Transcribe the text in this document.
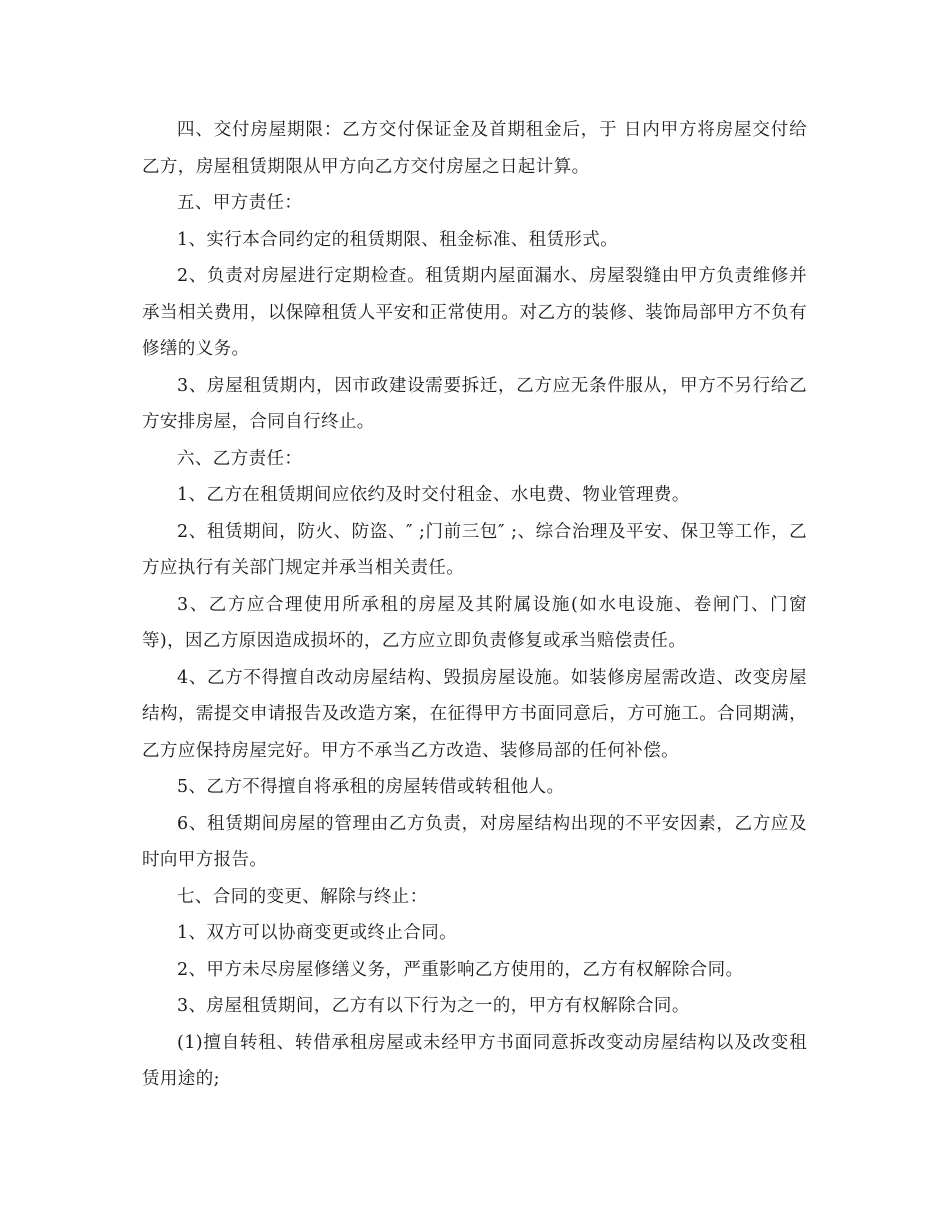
四、交付房屋期限：乙方交付保证金及首期租金后，于 日内甲方将房屋交付给乙方，房屋租赁期限从甲方向乙方交付房屋之日起计算。

五、甲方责任：

1、实行本合同约定的租赁期限、租金标准、租赁形式。

2、负责对房屋进行定期检查。租赁期内屋面漏水、房屋裂缝由甲方负责维修并承当相关费用，以保障租赁人平安和正常使用。对乙方的装修、装饰局部甲方不负有修缮的义务。

3、房屋租赁期内，因市政建设需要拆迁，乙方应无条件服从，甲方不另行给乙方安排房屋，合同自行终止。

六、乙方责任：

1、乙方在租赁期间应依约及时交付租金、水电费、物业管理费。

2、租赁期间，防火、防盗、″ ;门前三包″ ;、综合治理及平安、保卫等工作，乙方应执行有关部门规定并承当相关责任。

3、乙方应合理使用所承租的房屋及其附属设施(如水电设施、卷闸门、门窗等)，因乙方原因造成损坏的，乙方应立即负责修复或承当赔偿责任。

4、乙方不得擅自改动房屋结构、毁损房屋设施。如装修房屋需改造、改变房屋结构，需提交申请报告及改造方案，在征得甲方书面同意后，方可施工。合同期满，乙方应保持房屋完好。甲方不承当乙方改造、装修局部的任何补偿。

5、乙方不得擅自将承租的房屋转借或转租他人。

6、租赁期间房屋的管理由乙方负责，对房屋结构出现的不平安因素，乙方应及时向甲方报告。

七、合同的变更、解除与终止：

1、双方可以协商变更或终止合同。

2、甲方未尽房屋修缮义务，严重影响乙方使用的，乙方有权解除合同。

3、房屋租赁期间，乙方有以下行为之一的，甲方有权解除合同。

(1)擅自转租、转借承租房屋或未经甲方书面同意拆改变动房屋结构以及改变租赁用途的;
